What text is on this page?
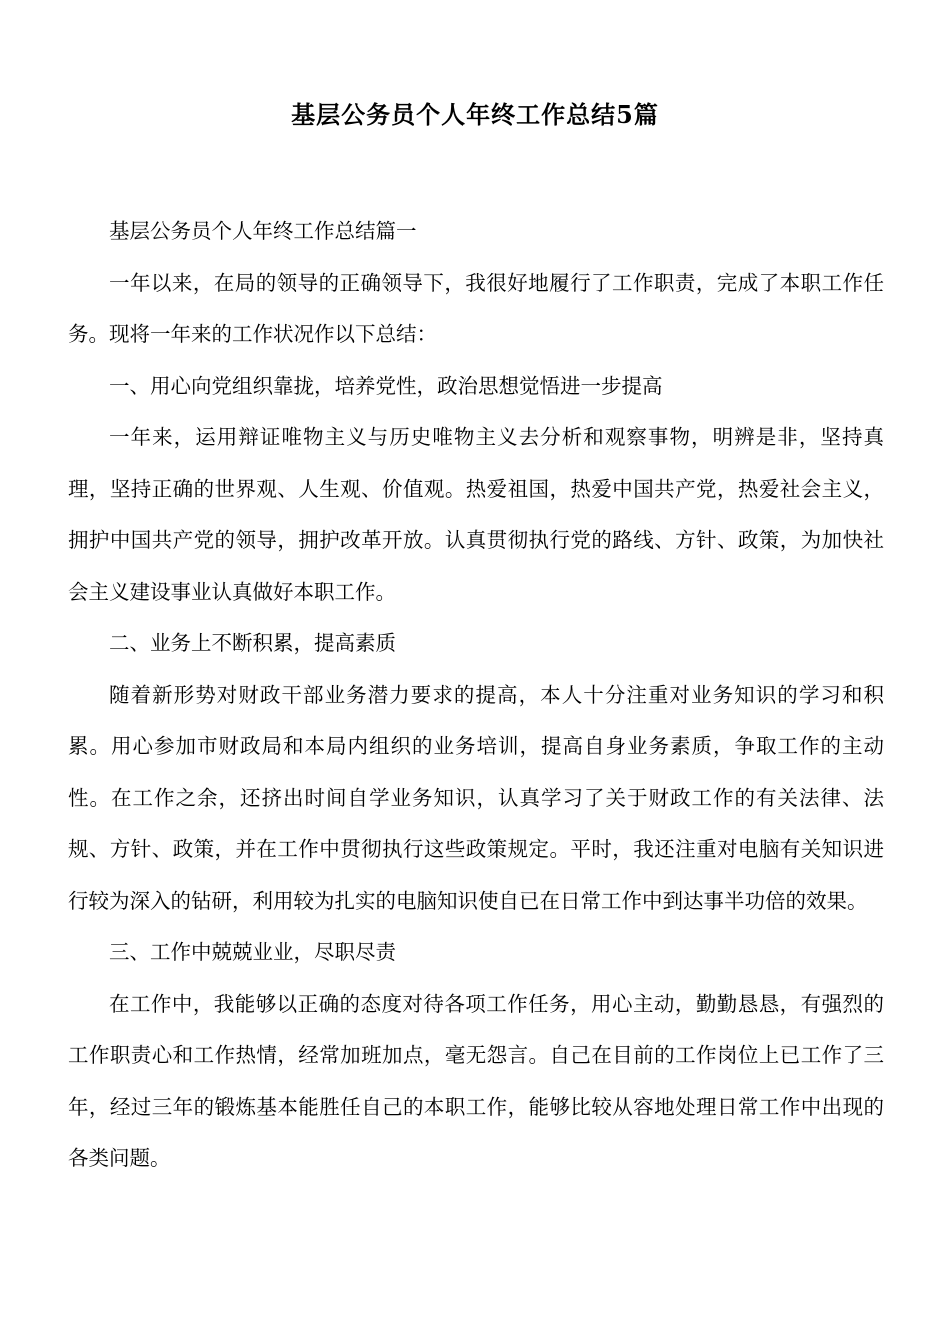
基层公务员个人年终工作总结5篇

基层公务员个人年终工作总结篇一

一年以来，在局的领导的正确领导下，我很好地履行了工作职责，完成了本职工作任务。现将一年来的工作状况作以下总结：

一、用心向党组织靠拢，培养党性，政治思想觉悟进一步提高

一年来，运用辩证唯物主义与历史唯物主义去分析和观察事物，明辨是非，坚持真理，坚持正确的世界观、人生观、价值观。热爱祖国，热爱中国共产党，热爱社会主义，拥护中国共产党的领导，拥护改革开放。认真贯彻执行党的路线、方针、政策，为加快社会主义建设事业认真做好本职工作。

二、业务上不断积累，提高素质

随着新形势对财政干部业务潜力要求的提高，本人十分注重对业务知识的学习和积累。用心参加市财政局和本局内组织的业务培训，提高自身业务素质，争取工作的主动性。在工作之余，还挤出时间自学业务知识，认真学习了关于财政工作的有关法律、法规、方针、政策，并在工作中贯彻执行这些政策规定。平时，我还注重对电脑有关知识进行较为深入的钻研，利用较为扎实的电脑知识使自已在日常工作中到达事半功倍的效果。

三、工作中兢兢业业，尽职尽责

在工作中，我能够以正确的态度对待各项工作任务，用心主动，勤勤恳恳，有强烈的工作职责心和工作热情，经常加班加点，毫无怨言。自己在目前的工作岗位上已工作了三年，经过三年的锻炼基本能胜任自己的本职工作，能够比较从容地处理日常工作中出现的各类问题。
